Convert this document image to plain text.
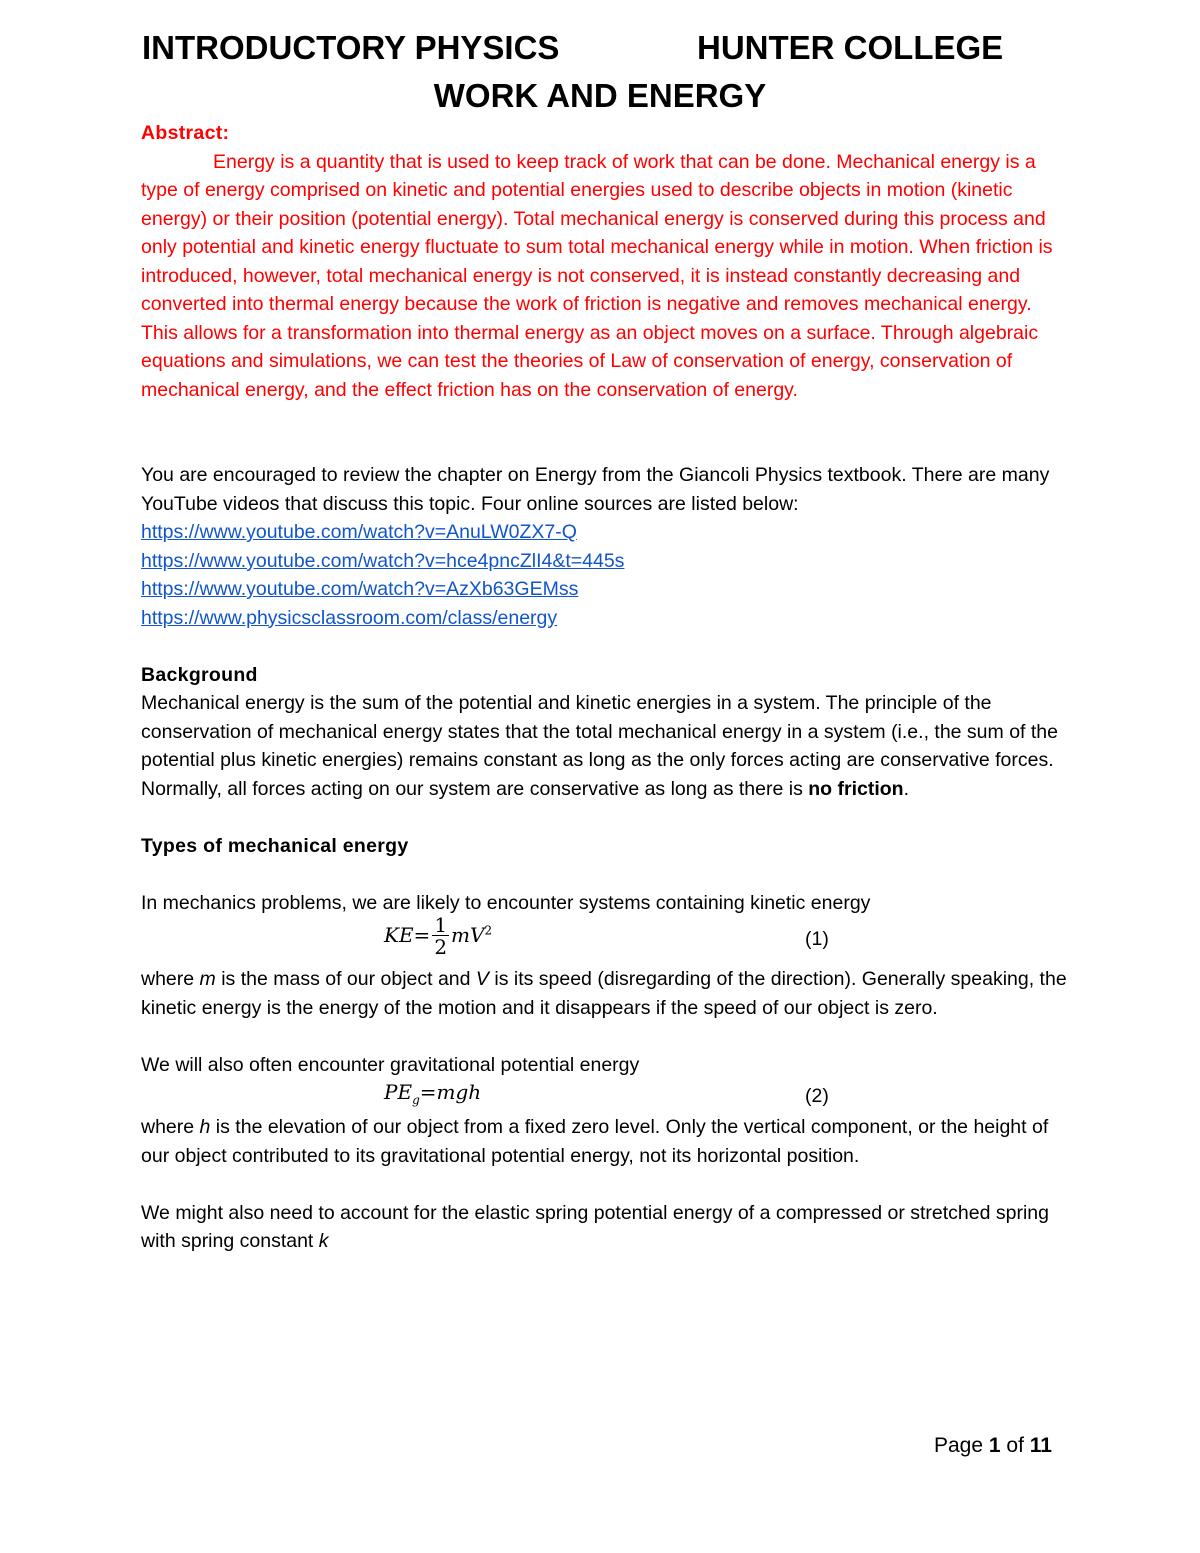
INTRODUCTORY PHYSICS	HUNTER COLLEGE
WORK AND ENERGY

Abstract:

Energy is a quantity that is used to keep track of work that can be done. Mechanical energy is a type of energy comprised on kinetic and potential energies used to describe objects in motion (kinetic energy) or their position (potential energy). Total mechanical energy is conserved during this process and only potential and kinetic energy fluctuate to sum total mechanical energy while in motion. When friction is introduced, however, total mechanical energy is not conserved, it is instead constantly decreasing and converted into thermal energy because the work of friction is negative and removes mechanical energy. This allows for a transformation into thermal energy as an object moves on a surface. Through algebraic equations and simulations, we can test the theories of Law of conservation of energy, conservation of mechanical energy, and the effect friction has on the conservation of energy.

You are encouraged to review the chapter on Energy from the Giancoli Physics textbook. There are many YouTube videos that discuss this topic. Four online sources are listed below:

https://www.youtube.com/watch?v=AnuLW0ZX7-Q
https://www.youtube.com/watch?v=hce4pncZlI4&t=445s
https://www.youtube.com/watch?v=AzXb63GEMss
https://www.physicsclassroom.com/class/energy

Background

Mechanical energy is the sum of the potential and kinetic energies in a system. The principle of the conservation of mechanical energy states that the total mechanical energy in a system (i.e., the sum of the potential plus kinetic energies) remains constant as long as the only forces acting are conservative forces. Normally, all forces acting on our system are conservative as long as there is no friction.

Types of mechanical energy

In mechanics problems, we are likely to encounter systems containing kinetic energy

$KE= \frac{1}{2} mV^2$	(1)

where m is the mass of our object and V is its speed (disregarding of the direction). Generally speaking, the kinetic energy is the energy of the motion and it disappears if the speed of our object is zero.

We will also often encounter gravitational potential energy

$PE_g=mgh$	(2)

where h is the elevation of our object from a fixed zero level. Only the vertical component, or the height of our object contributed to its gravitational potential energy, not its horizontal position.

We might also need to account for the elastic spring potential energy of a compressed or stretched spring with spring constant k

Page 1 of 11
